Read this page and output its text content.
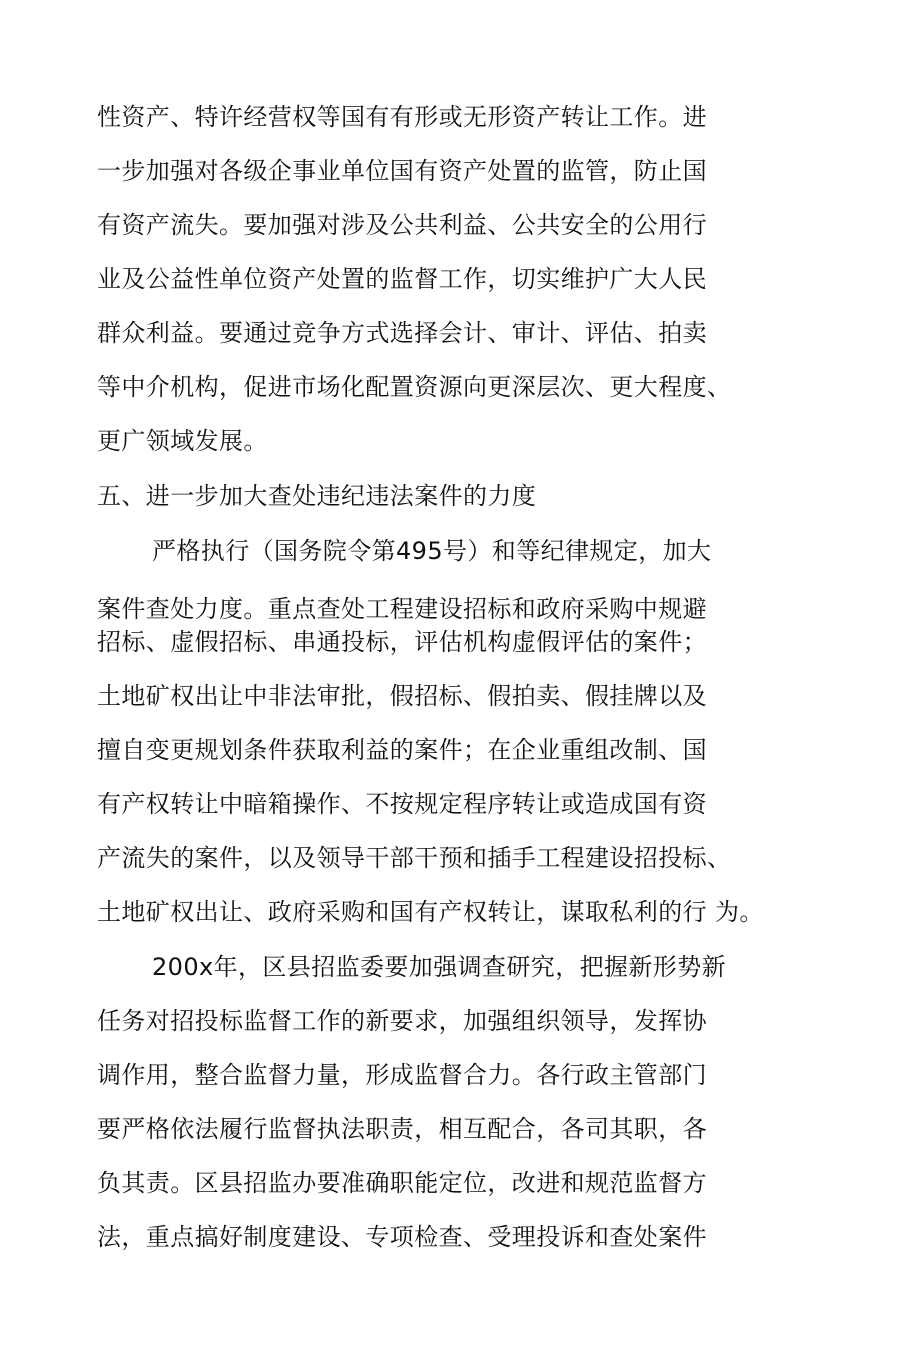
性资产、特许经营权等国有有形或无形资产转让工作。进
一步加强对各级企事业单位国有资产处置的监管，防止国
有资产流失。要加强对涉及公共利益、公共安全的公用行
业及公益性单位资产处置的监督工作，切实维护广大人民
群众利益。要通过竞争方式选择会计、审计、评估、拍卖
等中介机构，促进市场化配置资源向更深层次、更大程度、
更广领域发展。
五、进一步加大查处违纪违法案件的力度
严格执行（国务院令第495号）和等纪律规定，加大
案件查处力度。重点查处工程建设招标和政府采购中规避
招标、虚假招标、串通投标，评估机构虚假评估的案件；
土地矿权出让中非法审批，假招标、假拍卖、假挂牌以及
擅自变更规划条件获取利益的案件；在企业重组改制、国
有产权转让中暗箱操作、不按规定程序转让或造成国有资
产流失的案件，以及领导干部干预和插手工程建设招投标、
土地矿权出让、政府采购和国有产权转让，谋取私利的行 为。
200x年，区县招监委要加强调查研究，把握新形势新
任务对招投标监督工作的新要求，加强组织领导，发挥协
调作用，整合监督力量，形成监督合力。各行政主管部门
要严格依法履行监督执法职责，相互配合，各司其职，各
负其责。区县招监办要准确职能定位，改进和规范监督方
法，重点搞好制度建设、专项检查、受理投诉和查处案件
